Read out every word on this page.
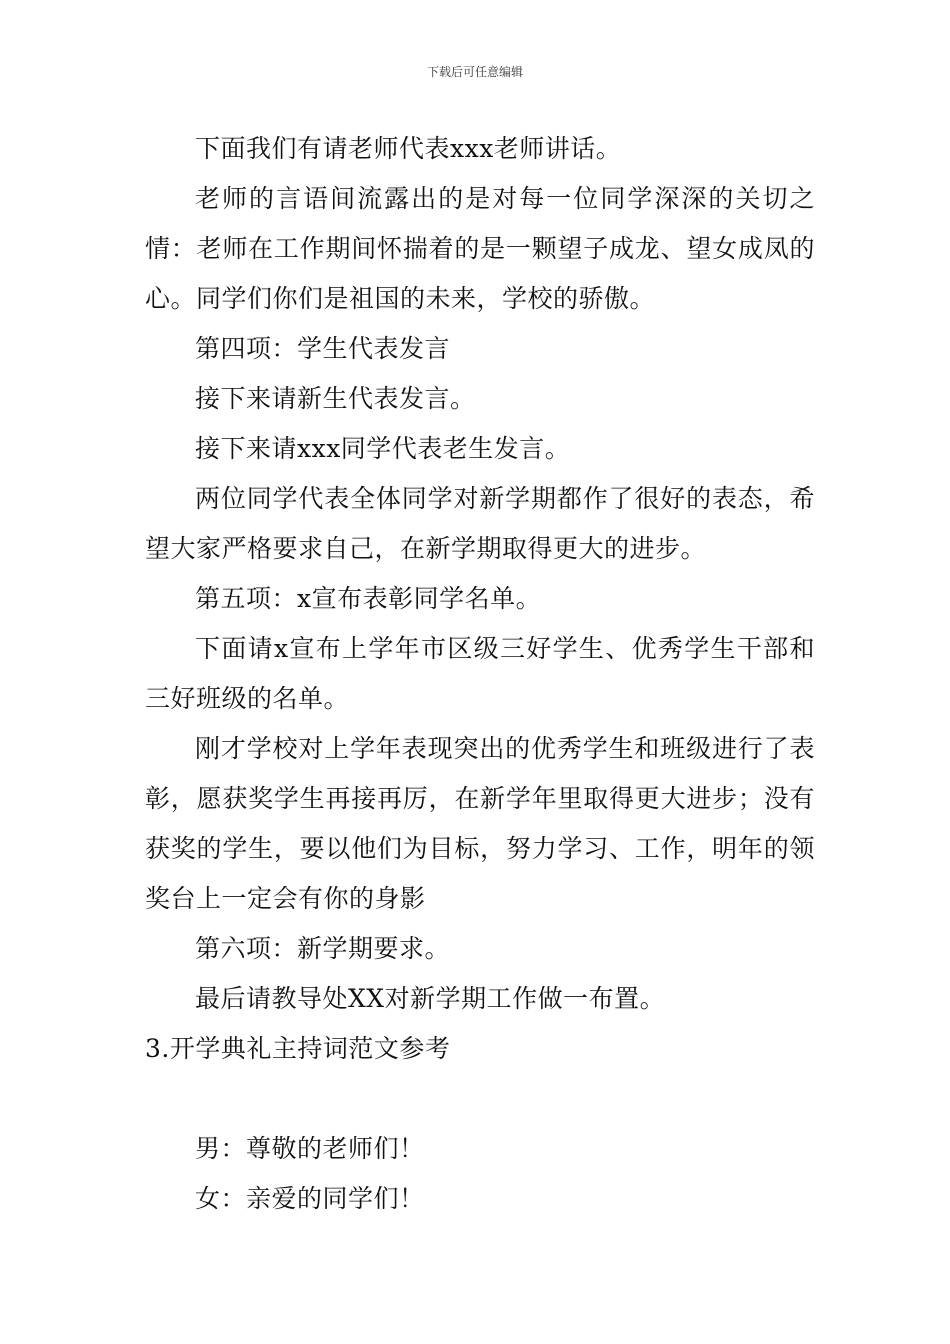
下载后可任意编辑

下面我们有请老师代表xxx老师讲话。

老师的言语间流露出的是对每一位同学深深的关切之情：老师在工作期间怀揣着的是一颗望子成龙、望女成凤的心。同学们你们是祖国的未来，学校的骄傲。

第四项：学生代表发言

接下来请新生代表发言。

接下来请xxx同学代表老生发言。

两位同学代表全体同学对新学期都作了很好的表态，希望大家严格要求自己，在新学期取得更大的进步。

第五项：x宣布表彰同学名单。

下面请x宣布上学年市区级三好学生、优秀学生干部和三好班级的名单。

刚才学校对上学年表现突出的优秀学生和班级进行了表彰，愿获奖学生再接再厉，在新学年里取得更大进步；没有获奖的学生，要以他们为目标，努力学习、工作，明年的领奖台上一定会有你的身影

第六项：新学期要求。

最后请教导处XX对新学期工作做一布置。

3.开学典礼主持词范文参考

男：尊敬的老师们！

女：亲爱的同学们！
